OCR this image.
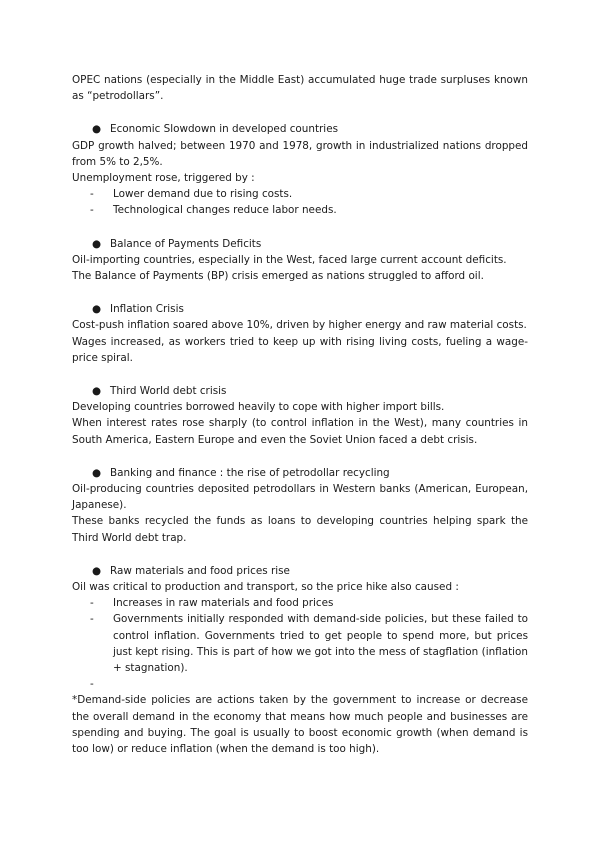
OPEC nations (especially in the Middle East) accumulated huge trade surpluses known as “petrodollars”.

● Economic Slowdown in developed countries

GDP growth halved; between 1970 and 1978, growth in industrialized nations dropped from 5% to 2,5%.

Unemployment rose, triggered by :

- Lower demand due to rising costs.
- Technological changes reduce labor needs.

● Balance of Payments Deficits

Oil-importing countries, especially in the West, faced large current account deficits.

The Balance of Payments (BP) crisis emerged as nations struggled to afford oil.

● Inflation Crisis

Cost-push inflation soared above 10%, driven by higher energy and raw material costs.

Wages increased, as workers tried to keep up with rising living costs, fueling a wage-price spiral.

● Third World debt crisis

Developing countries borrowed heavily to cope with higher import bills.

When interest rates rose sharply (to control inflation in the West), many countries in South America, Eastern Europe and even the Soviet Union faced a debt crisis.

● Banking and finance : the rise of petrodollar recycling

Oil-producing countries deposited petrodollars in Western banks (American, European, Japanese).

These banks recycled the funds as loans to developing countries helping spark the Third World debt trap.

● Raw materials and food prices rise

Oil was critical to production and transport, so the price hike also caused :

- Increases in raw materials and food prices
- Governments initially responded with demand-side policies, but these failed to control inflation. Governments tried to get people to spend more, but prices just kept rising. This is part of how we got into the mess of stagflation (inflation + stagnation).
-

*Demand-side policies are actions taken by the government to increase or decrease the overall demand in the economy that means how much people and businesses are spending and buying. The goal is usually to boost economic growth (when demand is too low) or reduce inflation (when the demand is too high).
